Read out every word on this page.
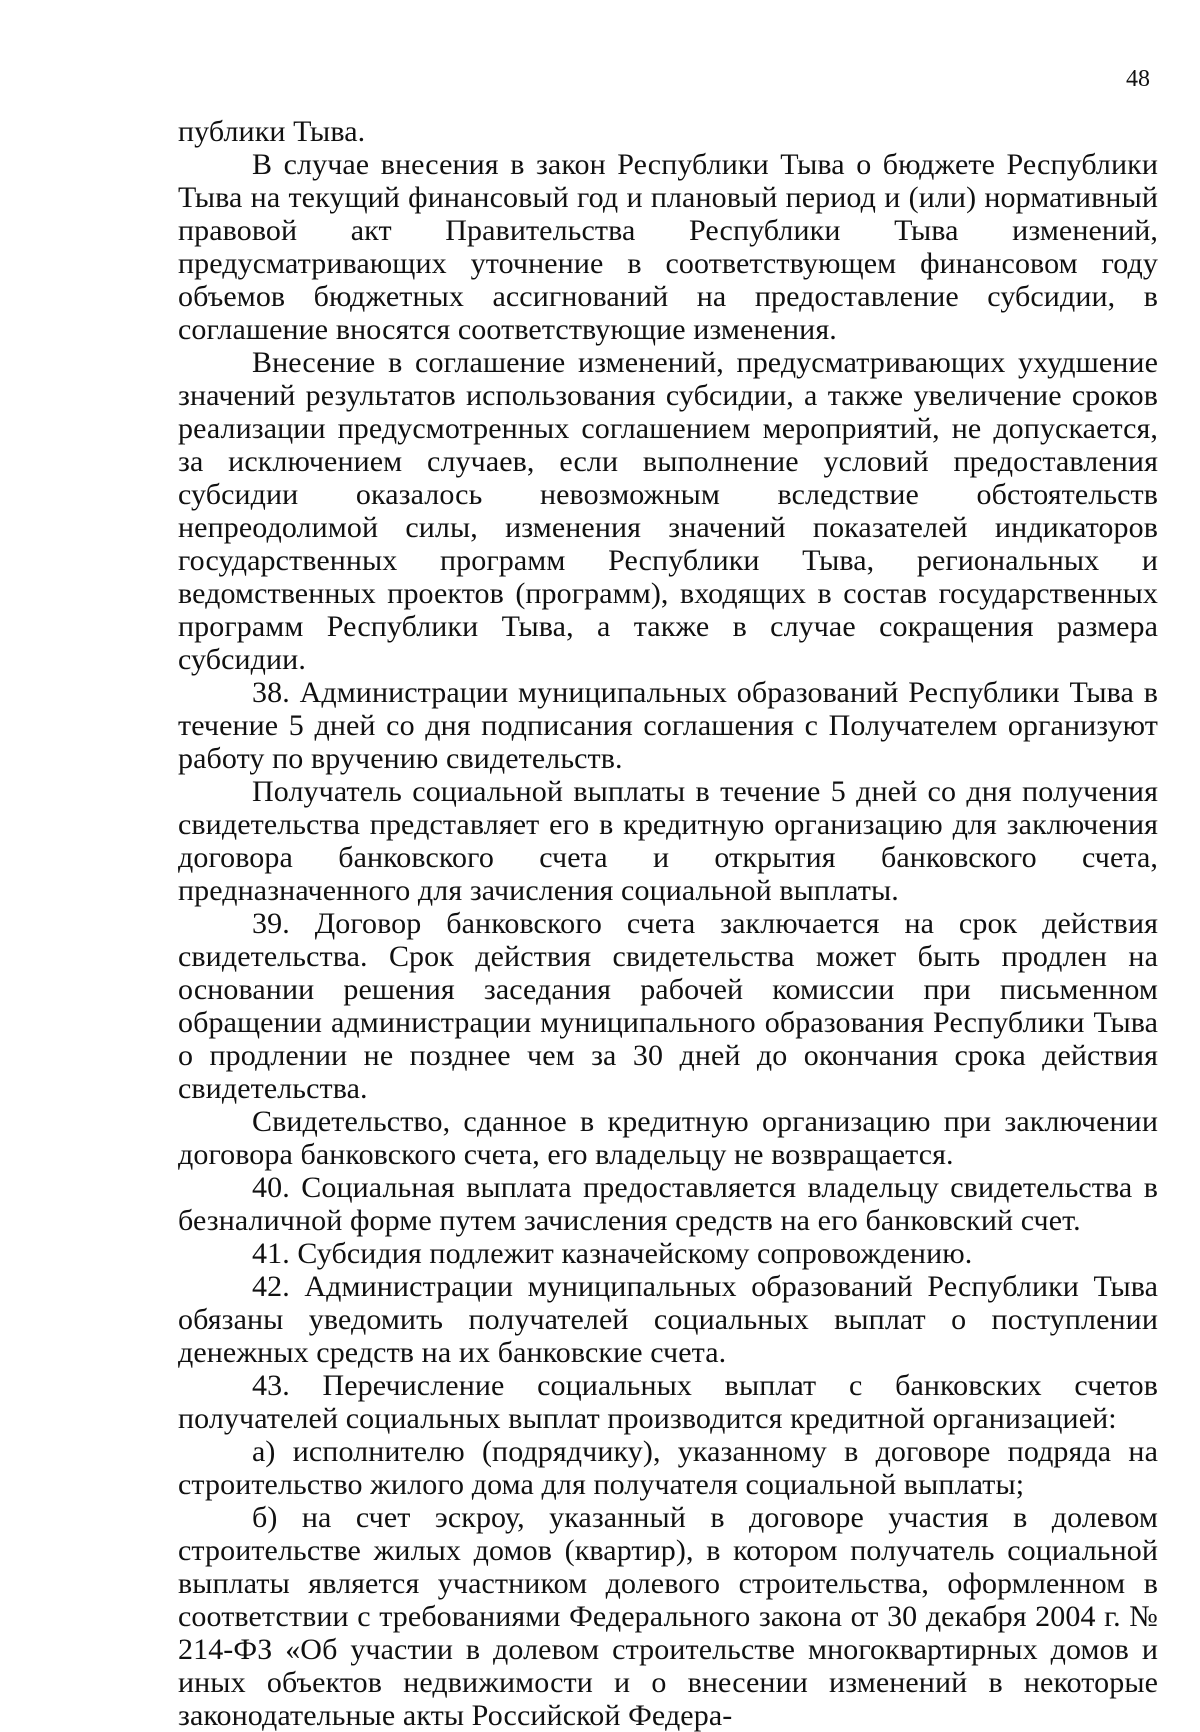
48

публики Тыва.

В случае внесения в закон Республики Тыва о бюджете Республики Тыва на текущий финансовый год и плановый период и (или) нормативный правовой акт Правительства Республики Тыва изменений, предусматривающих уточнение в соответствующем финансовом году объемов бюджетных ассигнований на предоставление субсидии, в соглашение вносятся соответствующие изменения.

Внесение в соглашение изменений, предусматривающих ухудшение значений результатов использования субсидии, а также увеличение сроков реализации предусмотренных соглашением мероприятий, не допускается, за исключением случаев, если выполнение условий предоставления субсидии оказалось невозможным вследствие обстоятельств непреодолимой силы, изменения значений показателей индикаторов государственных программ Республики Тыва, региональных и ведомственных проектов (программ), входящих в состав государственных программ Республики Тыва, а также в случае сокращения размера субсидии.

38. Администрации муниципальных образований Республики Тыва в течение 5 дней со дня подписания соглашения с Получателем организуют работу по вручению свидетельств.

Получатель социальной выплаты в течение 5 дней со дня получения свидетельства представляет его в кредитную организацию для заключения договора банковского счета и открытия банковского счета, предназначенного для зачисления социальной выплаты.

39. Договор банковского счета заключается на срок действия свидетельства. Срок действия свидетельства может быть продлен на основании решения заседания рабочей комиссии при письменном обращении администрации муниципального образования Республики Тыва о продлении не позднее чем за 30 дней до окончания срока действия свидетельства.

Свидетельство, сданное в кредитную организацию при заключении договора банковского счета, его владельцу не возвращается.

40. Социальная выплата предоставляется владельцу свидетельства в безналичной форме путем зачисления средств на его банковский счет.

41. Субсидия подлежит казначейскому сопровождению.

42. Администрации муниципальных образований Республики Тыва обязаны уведомить получателей социальных выплат о поступлении денежных средств на их банковские счета.

43. Перечисление социальных выплат с банковских счетов получателей социальных выплат производится кредитной организацией:

а) исполнителю (подрядчику), указанному в договоре подряда на строительство жилого дома для получателя социальной выплаты;

б) на счет эскроу, указанный в договоре участия в долевом строительстве жилых домов (квартир), в котором получатель социальной выплаты является участником долевого строительства, оформленном в соответствии с требованиями Федерального закона от 30 декабря 2004 г. № 214-ФЗ «Об участии в долевом строительстве многоквартирных домов и иных объектов недвижимости и о внесении изменений в некоторые законодательные акты Российской Федера-
